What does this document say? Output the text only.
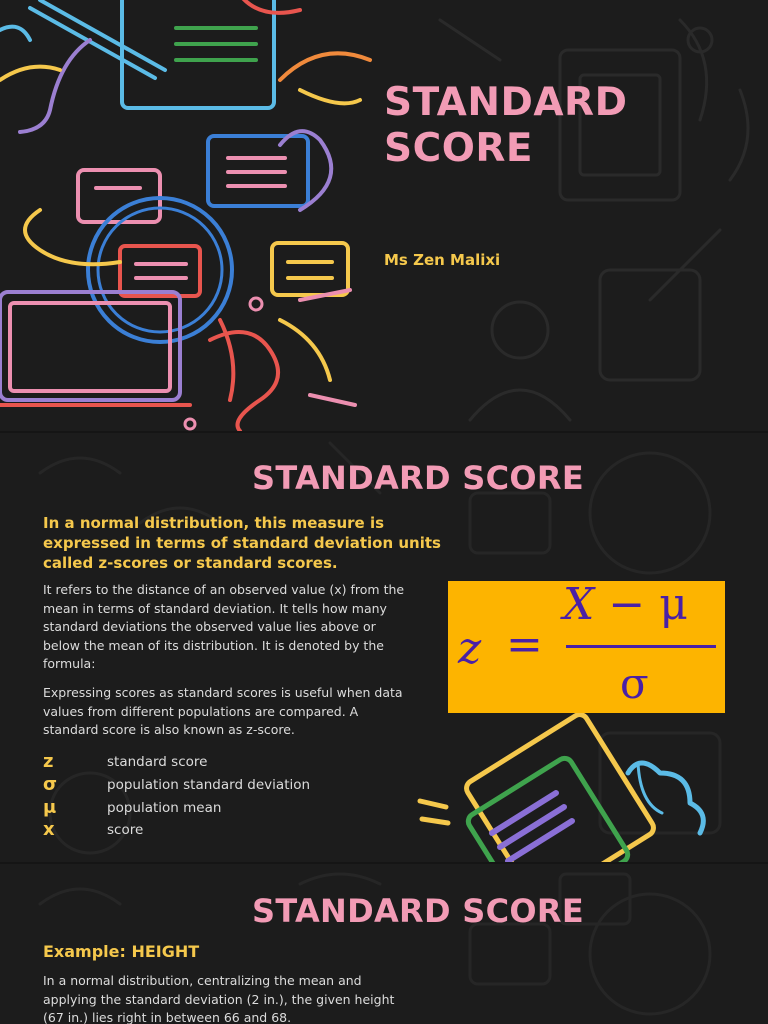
STANDARD
SCORE
Ms Zen Malixi
STANDARD SCORE
In a normal distribution, this measure is expressed in terms of standard deviation units called z-scores or standard scores.
It refers to the distance of an observed value (x) from the mean in terms of standard deviation. It tells how many standard deviations the observed value lies above or below the mean of its distribution. It is denoted by the formula:
Expressing scores as standard scores is useful when data values from different populations are compared. A standard score is also known as z-score.
z =
X − μ
σ
z	standard score
σ	population standard deviation
μ	population mean
x	score
STANDARD SCORE
Example: HEIGHT
In a normal distribution, centralizing the mean and applying the standard deviation (2 in.), the given height (67 in.) lies right in between 66 and 68.
